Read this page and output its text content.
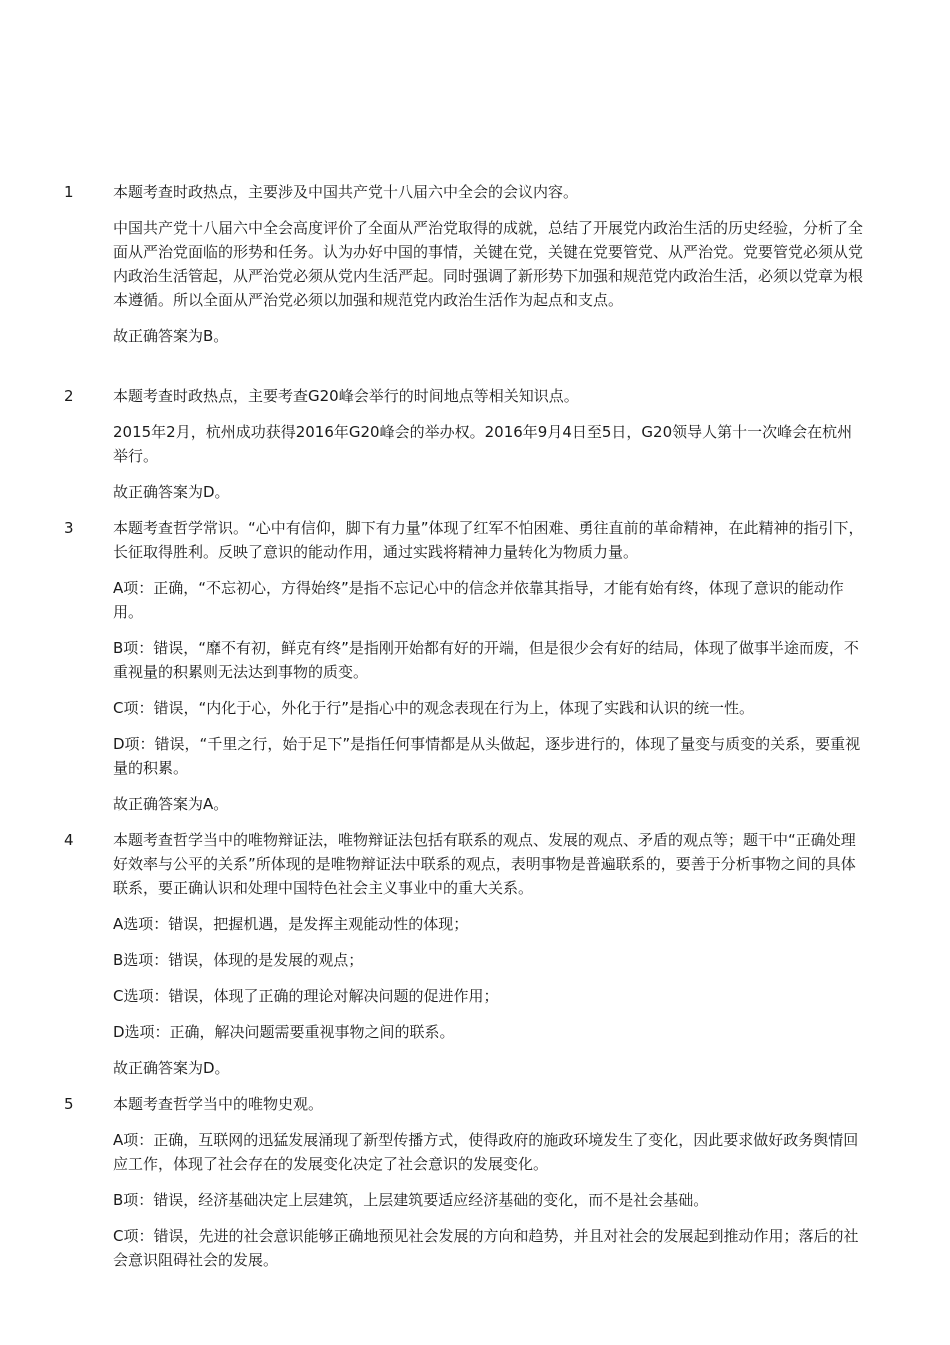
1	本题考查时政热点，主要涉及中国共产党十八届六中全会的会议内容。

中国共产党十八届六中全会高度评价了全面从严治党取得的成就，总结了开展党内政治生活的历史经验，分析了全面从严治党面临的形势和任务。认为办好中国的事情，关键在党，关键在党要管党、从严治党。党要管党必须从党内政治生活管起，从严治党必须从党内生活严起。同时强调了新形势下加强和规范党内政治生活，必须以党章为根本遵循。所以全面从严治党必须以加强和规范党内政治生活作为起点和支点。

故正确答案为B。

2	本题考查时政热点，主要考查G20峰会举行的时间地点等相关知识点。

2015年2月，杭州成功获得2016年G20峰会的举办权。2016年9月4日至5日，G20领导人第十一次峰会在杭州举行。

故正确答案为D。

3	本题考查哲学常识。“心中有信仰，脚下有力量”体现了红军不怕困难、勇往直前的革命精神，在此精神的指引下，长征取得胜利。反映了意识的能动作用，通过实践将精神力量转化为物质力量。

A项：正确，“不忘初心，方得始终”是指不忘记心中的信念并依靠其指导，才能有始有终，体现了意识的能动作用。

B项：错误，“靡不有初，鲜克有终”是指刚开始都有好的开端，但是很少会有好的结局，体现了做事半途而废，不重视量的积累则无法达到事物的质变。

C项：错误，“内化于心，外化于行”是指心中的观念表现在行为上，体现了实践和认识的统一性。

D项：错误，“千里之行，始于足下”是指任何事情都是从头做起，逐步进行的，体现了量变与质变的关系，要重视量的积累。

故正确答案为A。

4	本题考查哲学当中的唯物辩证法，唯物辩证法包括有联系的观点、发展的观点、矛盾的观点等；题干中“正确处理好效率与公平的关系”所体现的是唯物辩证法中联系的观点，表明事物是普遍联系的，要善于分析事物之间的具体联系，要正确认识和处理中国特色社会主义事业中的重大关系。

A选项：错误，把握机遇，是发挥主观能动性的体现；

B选项：错误，体现的是发展的观点；

C选项：错误，体现了正确的理论对解决问题的促进作用；

D选项：正确，解决问题需要重视事物之间的联系。

故正确答案为D。

5	本题考查哲学当中的唯物史观。

A项：正确，互联网的迅猛发展涌现了新型传播方式，使得政府的施政环境发生了变化，因此要求做好政务舆情回应工作，体现了社会存在的发展变化决定了社会意识的发展变化。

B项：错误，经济基础决定上层建筑，上层建筑要适应经济基础的变化，而不是社会基础。

C项：错误，先进的社会意识能够正确地预见社会发展的方向和趋势，并且对社会的发展起到推动作用；落后的社会意识阻碍社会的发展。
